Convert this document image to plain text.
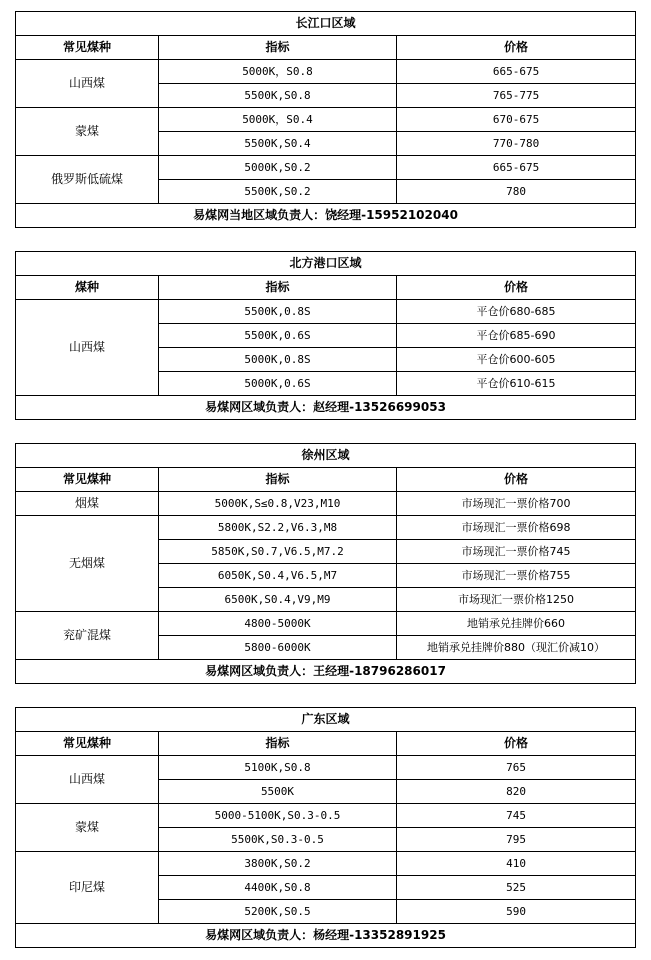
长江口区域		
常见煤种	指标	价格
山西煤	5000K，S0.8	665-675
	5500K,S0.8	765-775
蒙煤	5000K，S0.4	670-675
	5500K,S0.4	770-780
俄罗斯低硫煤	5000K,S0.2	665-675
	5500K,S0.2	780
易煤网当地区域负责人：饶经理-15952102040		
北方港口区域		
煤种	指标	价格
山西煤	5500K,0.8S	平仓价680-685
	5500K,0.6S	平仓价685-690
	5000K,0.8S	平仓价600-605
	5000K,0.6S	平仓价610-615
易煤网区域负责人：赵经理-13526699053		
徐州区域		
常见煤种	指标	价格
烟煤	5000K,S≤0.8,V23,M10	市场现汇一票价格700
无烟煤	5800K,S2.2,V6.3,M8	市场现汇一票价格698
	5850K,S0.7,V6.5,M7.2	市场现汇一票价格745
	6050K,S0.4,V6.5,M7	市场现汇一票价格755
	6500K,S0.4,V9,M9	市场现汇一票价格1250
兖矿混煤	4800-5000K	地销承兑挂牌价660
	5800-6000K	地销承兑挂牌价880（现汇价减10）
易煤网区域负责人：王经理-18796286017		
广东区域		
常见煤种	指标	价格
山西煤	5100K,S0.8	765
	5500K	820
蒙煤	5000-5100K,S0.3-0.5	745
	5500K,S0.3-0.5	795
印尼煤	3800K,S0.2	410
	4400K,S0.8	525
	5200K,S0.5	590
易煤网区域负责人：杨经理-13352891925		
